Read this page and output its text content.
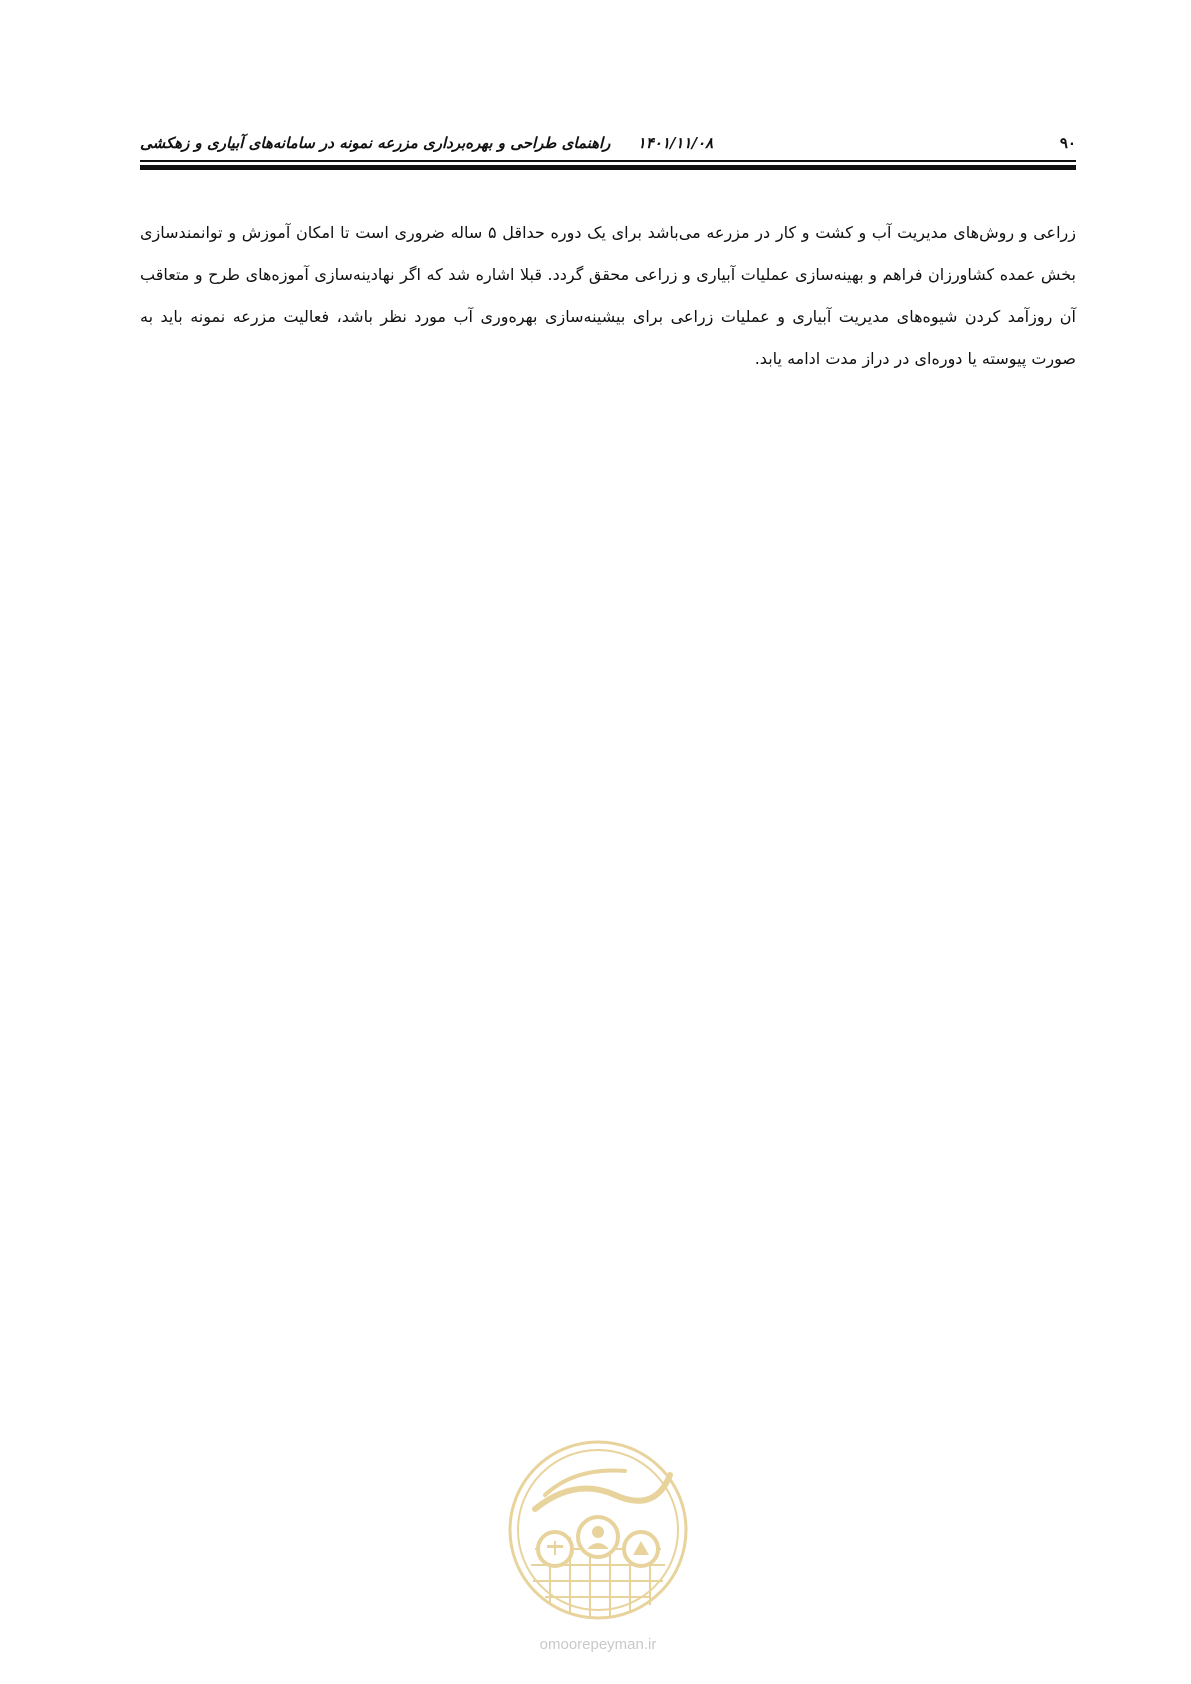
۹۰
۱۴۰۱/۱۱/۰۸ راهنمای طراحی و بهره‌برداری مزرعه نمونه در سامانه‌های آبیاری و زهکشی

زراعی و روش‌های مدیریت آب و کشت و کار در مزرعه می‌باشد برای یک دوره حداقل ۵ ساله ضروری است تا امکان آموزش و توانمندسازی بخش عمده کشاورزان فراهم و بهینه‌سازی عملیات آبیاری و زراعی محقق گردد. قبلا اشاره شد که اگر نهادینه‌سازی آموزه‌های طرح و متعاقب آن روزآمد کردن شیوه‌های مدیریت آبیاری و عملیات زراعی برای بیشینه‌سازی بهره‌وری آب مورد نظر باشد، فعالیت مزرعه نمونه باید به صورت پیوسته یا دوره‌ای در دراز مدت ادامه یابد.

omoorepeyman.ir
